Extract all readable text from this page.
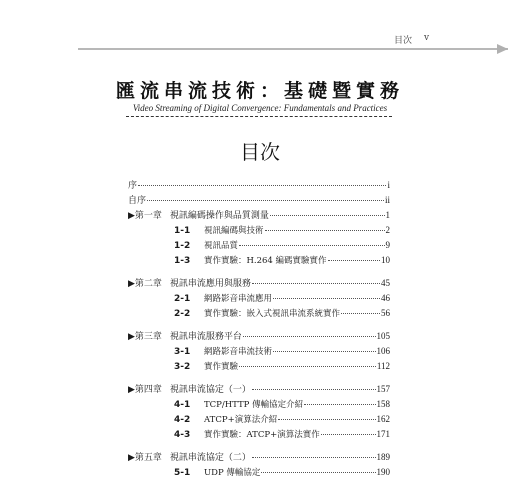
目次 v
匯流串流技術：基礎暨實務
Video Streaming of Digital Convergence: Fundamentals and Practices
目次
序	i
自序	ii
▶第一章 視訊編碼操作與品質測量	1
1-1	視訊編碼與技術	2
1-2	視訊品質	9
1-3	實作實驗：H.264 編碼實驗實作	10
▶第二章 視訊串流應用與服務	45
2-1	網路影音串流應用	46
2-2	實作實驗：嵌入式視訊串流系統實作	56
▶第三章 視訊串流服務平台	105
3-1	網路影音串流技術	106
3-2	實作實驗	112
▶第四章 視訊串流協定（一）	157
4-1	TCP/HTTP 傳輸協定介紹	158
4-2	ATCP+演算法介紹	162
4-3	實作實驗：ATCP+演算法實作	171
▶第五章 視訊串流協定（二）	189
5-1	UDP 傳輸協定	190
